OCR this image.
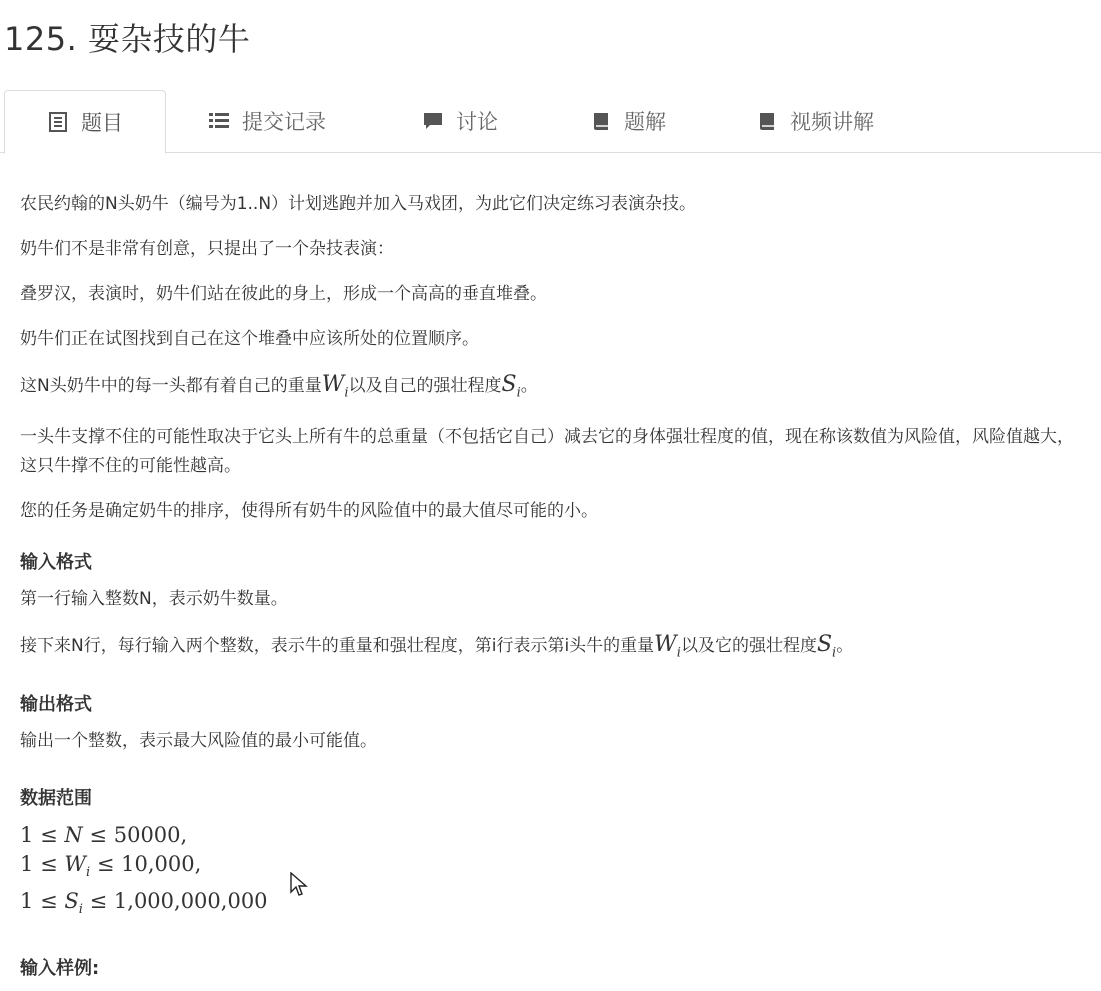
125. 耍杂技的牛
题目	提交记录	讨论	题解	视频讲解

农民约翰的N头奶牛（编号为1..N）计划逃跑并加入马戏团，为此它们决定练习表演杂技。

奶牛们不是非常有创意，只提出了一个杂技表演：

叠罗汉，表演时，奶牛们站在彼此的身上，形成一个高高的垂直堆叠。

奶牛们正在试图找到自己在这个堆叠中应该所处的位置顺序。

这N头奶牛中的每一头都有着自己的重量$W_i$以及自己的强壮程度$S_i$。

一头牛支撑不住的可能性取决于它头上所有牛的总重量（不包括它自己）减去它的身体强壮程度的值，现在称该数值为风险值，风险值越大，这只牛撑不住的可能性越高。

您的任务是确定奶牛的排序，使得所有奶牛的风险值中的最大值尽可能的小。

输入格式

第一行输入整数N，表示奶牛数量。

接下来N行，每行输入两个整数，表示牛的重量和强壮程度，第i行表示第i头牛的重量$W_i$以及它的强壮程度$S_i$。

输出格式

输出一个整数，表示最大风险值的最小可能值。

数据范围
1 ≤ N ≤ 50000,
$1 \le W_i \le 10,000$,
$1 \le S_i \le 1,000,000,000$
输入样例:
